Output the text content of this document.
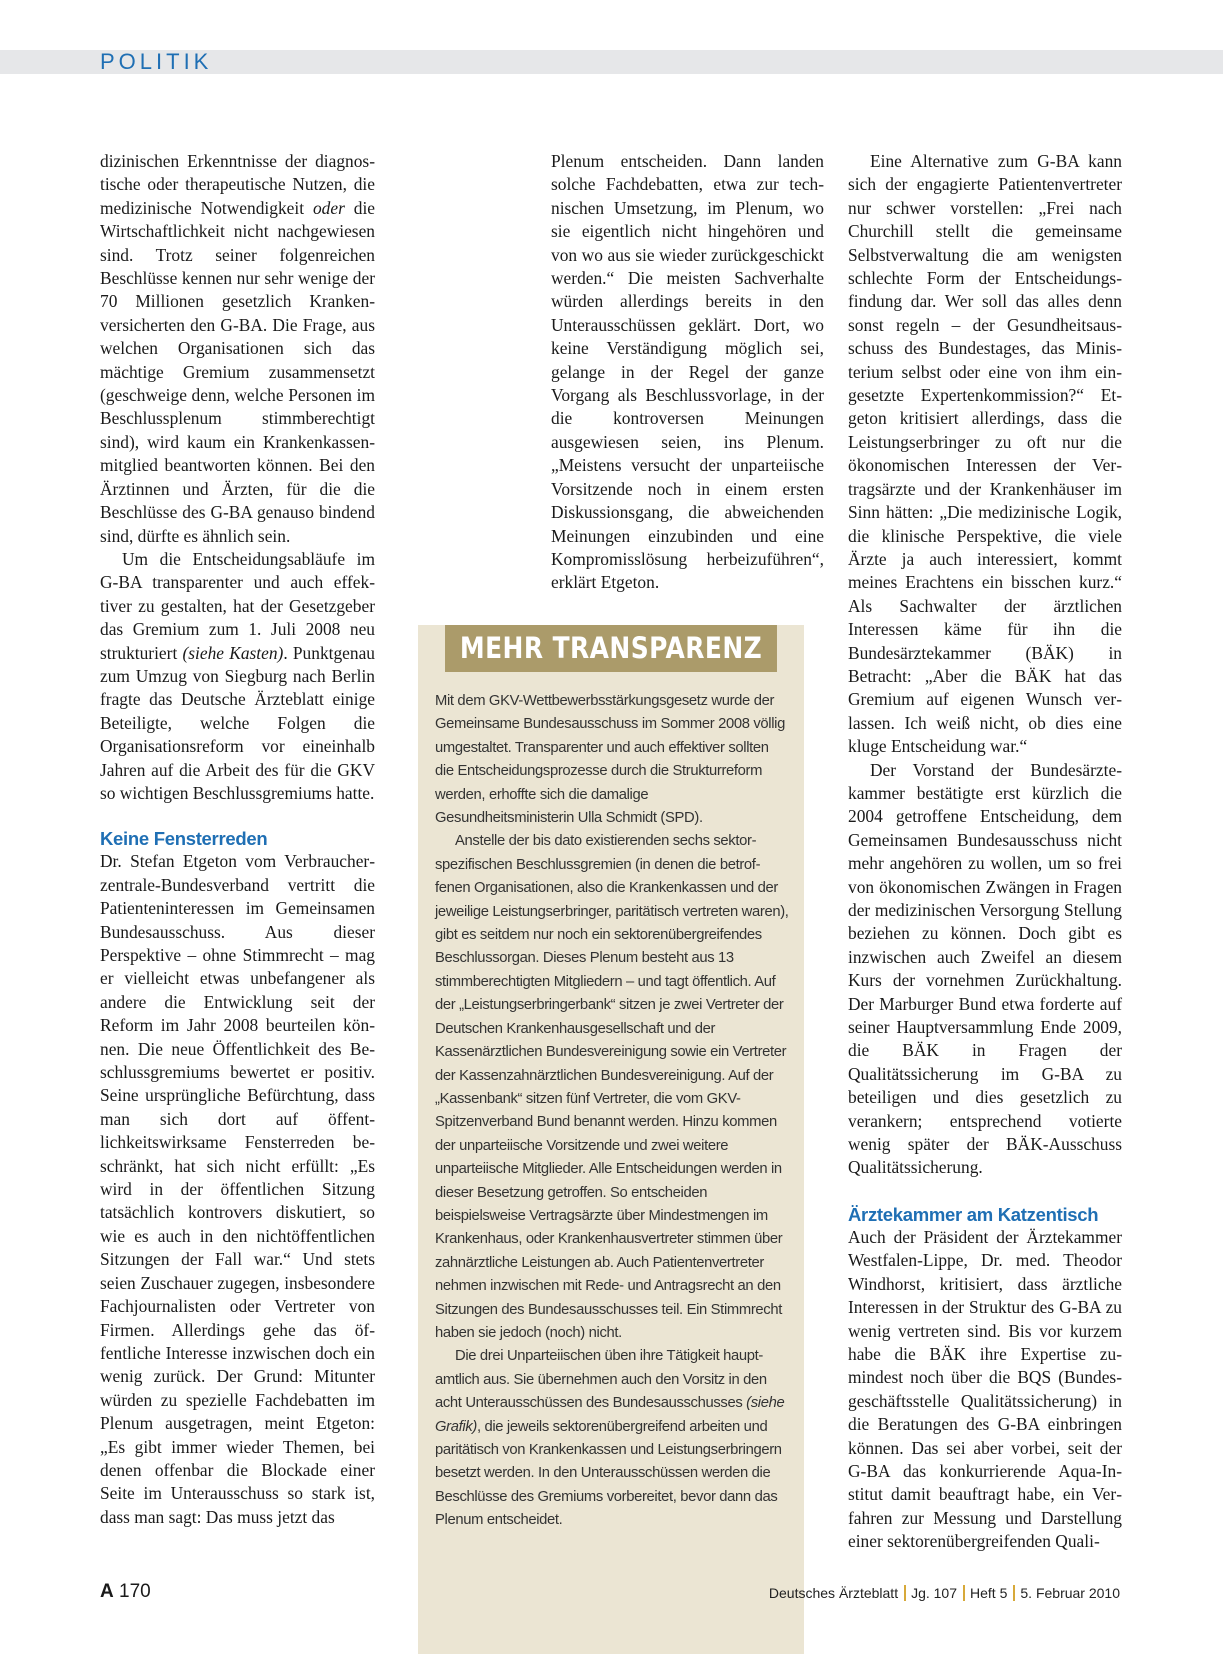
POLITIK

dizinischen Erkenntnisse der diagnostische oder therapeutische Nutzen, die medizinische Notwendigkeit oder die Wirtschaftlichkeit nicht nachgewiesen sind. Trotz seiner folgenreichen Beschlüsse kennen nur sehr wenige der 70 Millionen gesetzlich Krankenversicherten den G-BA. Die Frage, aus welchen Organisationen sich das mächtige Gremium zusammensetzt (geschweige denn, welche Personen im Beschlussplenum stimmberechtigt sind), wird kaum ein Krankenkassenmitglied beantworten können. Bei den Ärztinnen und Ärzten, für die die Beschlüsse des G-BA genauso bindend sind, dürfte es ähnlich sein.

Um die Entscheidungsabläufe im G-BA transparenter und auch effektiver zu gestalten, hat der Gesetzgeber das Gremium zum 1. Juli 2008 neu strukturiert (siehe Kasten). Punktgenau zum Umzug von Siegburg nach Berlin fragte das Deutsche Ärzteblatt einige Beteiligte, welche Folgen die Organisationsreform vor eineinhalb Jahren auf die Arbeit des für die GKV so wichtigen Beschlussgremiums hatte.

Keine Fensterreden

Dr. Stefan Etgeton vom Verbraucherzentrale-Bundesverband vertritt die Patienteninteressen im Gemeinsamen Bundesausschuss. Aus dieser Perspektive – ohne Stimmrecht – mag er vielleicht etwas unbefangener als andere die Entwicklung seit der Reform im Jahr 2008 beurteilen können. Die neue Öffentlichkeit des Beschlussgremiums bewertet er positiv. Seine ursprüngliche Befürchtung, dass man sich dort auf öffentlichkeitswirksame Fensterreden beschränkt, hat sich nicht erfüllt: „Es wird in der öffentlichen Sitzung tatsächlich kontrovers diskutiert, so wie es auch in den nichtöffentlichen Sitzungen der Fall war.“ Und stets seien Zuschauer zugegen, insbesondere Fachjournalisten oder Vertreter von Firmen. Allerdings gehe das öffentliche Interesse inzwischen doch ein wenig zurück. Der Grund: Mitunter würden zu spezielle Fachdebatten im Plenum ausgetragen, meint Etgeton: „Es gibt immer wieder Themen, bei denen offenbar die Blockade einer Seite im Unterausschuss so stark ist, dass man sagt: Das muss jetzt das

Plenum entscheiden. Dann landen solche Fachdebatten, etwa zur technischen Umsetzung, im Plenum, wo sie eigentlich nicht hingehören und von wo aus sie wieder zurückgeschickt werden.“ Die meisten Sachverhalte würden allerdings bereits in den Unterausschüssen geklärt. Dort, wo keine Verständigung möglich sei, gelange in der Regel der ganze Vorgang als Beschlussvorlage, in der die kontroversen Meinungen ausgewiesen seien, ins Plenum. „Meistens versucht der unparteiische Vorsitzende noch in einem ersten Diskussionsgang, die abweichenden Meinungen einzubinden und eine Kompromisslösung herbeizuführen“, erklärt Etgeton.

MEHR TRANSPARENZ

Mit dem GKV-Wettbewerbsstärkungsgesetz wurde der Gemeinsame Bundesausschuss im Sommer 2008 völlig umgestaltet. Transparenter und auch effektiver sollten die Entscheidungsprozesse durch die Strukturreform werden, erhoffte sich die damalige Gesundheitsministerin Ulla Schmidt (SPD).

Anstelle der bis dato existierenden sechs sektorspezifischen Beschlussgremien (in denen die betroffenen Organisationen, also die Krankenkassen und der jeweilige Leistungserbringer, paritätisch vertreten waren), gibt es seitdem nur noch ein sektorenübergreifendes Beschlussorgan. Dieses Plenum besteht aus 13 stimmberechtigten Mitgliedern – und tagt öffentlich. Auf der „Leistungserbringerbank“ sitzen je zwei Vertreter der Deutschen Krankenhausgesellschaft und der Kassenärztlichen Bundesvereinigung sowie ein Vertreter der Kassenzahnärztlichen Bundesvereinigung. Auf der „Kassenbank“ sitzen fünf Vertreter, die vom GKV-Spitzenverband Bund benannt werden. Hinzu kommen der unparteiische Vorsitzende und zwei weitere unparteiische Mitglieder. Alle Entscheidungen werden in dieser Besetzung getroffen. So entscheiden beispielsweise Vertragsärzte über Mindestmengen im Krankenhaus, oder Krankenhausvertreter stimmen über zahnärztliche Leistungen ab. Auch Patientenvertreter nehmen inzwischen mit Rede- und Antragsrecht an den Sitzungen des Bundesausschusses teil. Ein Stimmrecht haben sie jedoch (noch) nicht.

Die drei Unparteiischen üben ihre Tätigkeit hauptamtlich aus. Sie übernehmen auch den Vorsitz in den acht Unterausschüssen des Bundesausschusses (siehe Grafik), die jeweils sektorenübergreifend arbeiten und paritätisch von Krankenkassen und Leistungserbringern besetzt werden. In den Unterausschüssen werden die Beschlüsse des Gremiums vorbereitet, bevor dann das Plenum entscheidet.

Eine Alternative zum G-BA kann sich der engagierte Patientenvertreter nur schwer vorstellen: „Frei nach Churchill stellt die gemeinsame Selbstverwaltung die am wenigsten schlechte Form der Entscheidungsfindung dar. Wer soll das alles denn sonst regeln – der Gesundheitsausschuss des Bundestages, das Ministerium selbst oder eine von ihm eingesetzte Expertenkommission?“ Etgeton kritisiert allerdings, dass die Leistungserbringer zu oft nur die ökonomischen Interessen der Vertragsärzte und der Krankenhäuser im Sinn hätten: „Die medizinische Logik, die klinische Perspektive, die viele Ärzte ja auch interessiert, kommt meines Erachtens ein bisschen kurz.“ Als Sachwalter der ärztlichen Interessen käme für ihn die Bundesärztekammer (BÄK) in Betracht: „Aber die BÄK hat das Gremium auf eigenen Wunsch verlassen. Ich weiß nicht, ob dies eine kluge Entscheidung war.“

Der Vorstand der Bundesärztekammer bestätigte erst kürzlich die 2004 getroffene Entscheidung, dem Gemeinsamen Bundesausschuss nicht mehr angehören zu wollen, um so frei von ökonomischen Zwängen in Fragen der medizinischen Versorgung Stellung beziehen zu können. Doch gibt es inzwischen auch Zweifel an diesem Kurs der vornehmen Zurückhaltung. Der Marburger Bund etwa forderte auf seiner Hauptversammlung Ende 2009, die BÄK in Fragen der Qualitätssicherung im G-BA zu beteiligen und dies gesetzlich zu verankern; entsprechend votierte wenig später der BÄK-Ausschuss Qualitätssicherung.

Ärztekammer am Katzentisch

Auch der Präsident der Ärztekammer Westfalen-Lippe, Dr. med. Theodor Windhorst, kritisiert, dass ärztliche Interessen in der Struktur des G-BA zu wenig vertreten sind. Bis vor kurzem habe die BÄK ihre Expertise zumindest noch über die BQS (Bundesgeschäftsstelle Qualitätssicherung) in die Beratungen des G-BA einbringen können. Das sei aber vorbei, seit der G-BA das konkurrierende Aqua-Institut damit beauftragt habe, ein Verfahren zur Messung und Darstellung einer sektorenübergreifenden Quali-

A 170	Deutsches Ärzteblatt Jg. 107 Heft 5 5. Februar 2010
